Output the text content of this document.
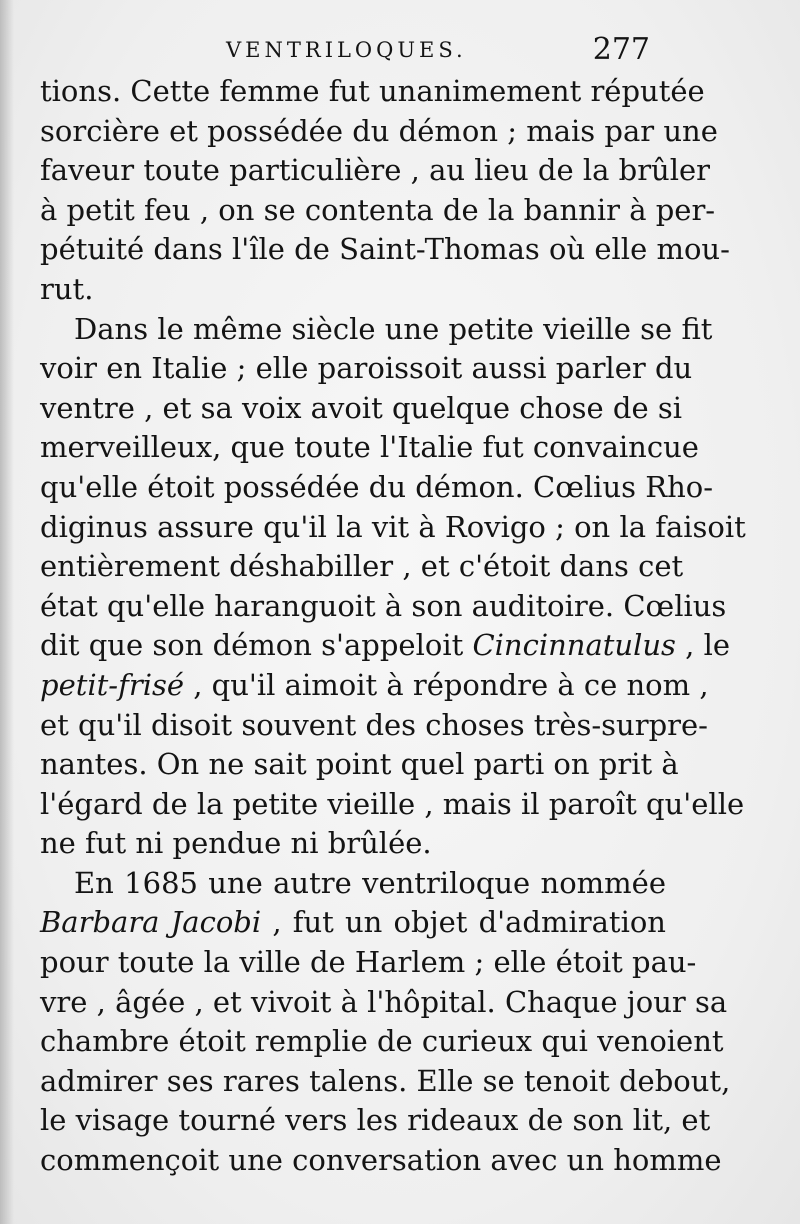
VENTRILOQUES.	277
tions. Cette femme fut unanimement réputée
sorcière et possédée du démon ; mais par une
faveur toute particulière , au lieu de la brûler
à petit feu , on se contenta de la bannir à per-
pétuité dans l'île de Saint-Thomas où elle mou-
rut.
Dans le même siècle une petite vieille se fit
voir en Italie ; elle paroissoit aussi parler du
ventre , et sa voix avoit quelque chose de si
merveilleux, que toute l'Italie fut convaincue
qu'elle étoit possédée du démon. Cœlius Rho-
diginus assure qu'il la vit à Rovigo ; on la faisoit
entièrement déshabiller , et c'étoit dans cet
état qu'elle haranguoit à son auditoire. Cœlius
dit que son démon s'appeloit Cincinnatulus , le
petit-frisé , qu'il aimoit à répondre à ce nom ,
et qu'il disoit souvent des choses très-surpre-
nantes. On ne sait point quel parti on prit à
l'égard de la petite vieille , mais il paroît qu'elle
ne fut ni pendue ni brûlée.
En 1685 une autre ventriloque nommée
Barbara Jacobi , fut un objet d'admiration
pour toute la ville de Harlem ; elle étoit pau-
vre , âgée , et vivoit à l'hôpital. Chaque jour sa
chambre étoit remplie de curieux qui venoient
admirer ses rares talens. Elle se tenoit debout,
le visage tourné vers les rideaux de son lit, et
commençoit une conversation avec un homme
